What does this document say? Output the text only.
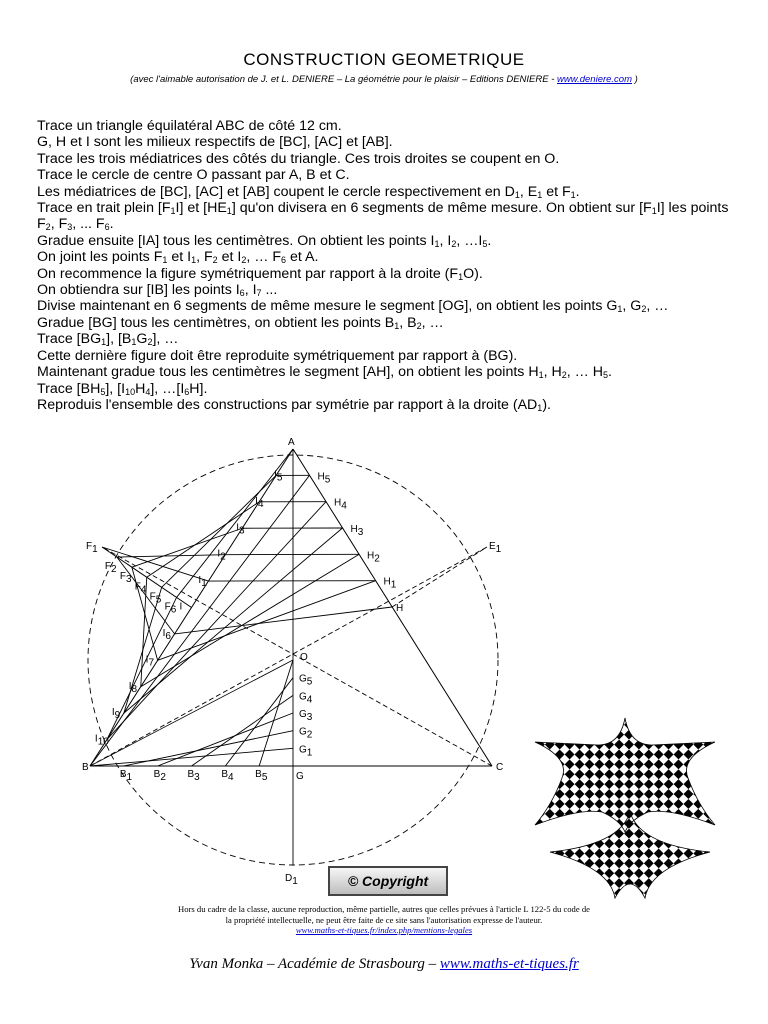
CONSTRUCTION GEOMETRIQUE
(avec l'aimable autorisation de J. et L. DENIERE – La géométrie pour le plaisir – Editions DENIERE - www.deniere.com )

Trace un triangle équilatéral ABC de côté 12 cm.

G, H et I sont les milieux respectifs de [BC], [AC] et [AB].

Trace les trois médiatrices des côtés du triangle. Ces trois droites se coupent en O.

Trace le cercle de centre O passant par A, B et C.

Les médiatrices de [BC], [AC] et [AB] coupent le cercle respectivement en $D_1$, $E_1$ et $F_1$.

Trace en trait plein $[F_1I]$ et $[HE_1]$ qu'on divisera en 6 segments de même mesure. On obtient sur $[F_1I]$ les points $F_2$, $F_3$, ... $F_6$.

Gradue ensuite [IA] tous les centimètres. On obtient les points $I_1$, $I_2$, $\dots I_5$.

On joint les points $F_1$ et $I_1$, $F_2$ et $I_2$, … $F_6$ et A.

On recommence la figure symétriquement par rapport à la droite $(F_1O)$.

On obtiendra sur [IB] les points $I_6$, $I_7$ ...

Divise maintenant en 6 segments de même mesure le segment [OG], on obtient les points $G_1$, $G_2$, …

Gradue [BG] tous les centimètres, on obtient les points $B_1$, $B_2$, …

Trace $[BG_1]$, $[B_1G_2]$, …

Cette dernière figure doit être reproduite symétriquement par rapport à (BG).

Maintenant gradue tous les centimètres le segment [AH], on obtient les points $H_1$, $H_2$, … $H_5$.

Trace $[BH_5]$, $[I_{10}H_4]$, $\dots[I_6H]$.

Reproduis l'ensemble des constructions par symétrie par rapport à la droite $(AD_1)$.

A
B	C
G
H
O
F1	E1
D1
F2
F3
F4
F5
F6 I
I1
I2
I3
I4
I5
I6
I7
I8
I9
I10
H1
H2
H3
H4
H5
G1
G2
G3
G4
G5
B1 B2 B3 B4 B5
© Copyright
Hors du cadre de la classe, aucune reproduction, même partielle, autres que celles prévues à l'article L 122-5 du code de
la propriété intellectuelle, ne peut être faite de ce site sans l'autorisation expresse de l'auteur.
www.maths-et-tiques.fr/index.php/mentions-legales
Yvan Monka – Académie de Strasbourg – www.maths-et-tiques.fr
